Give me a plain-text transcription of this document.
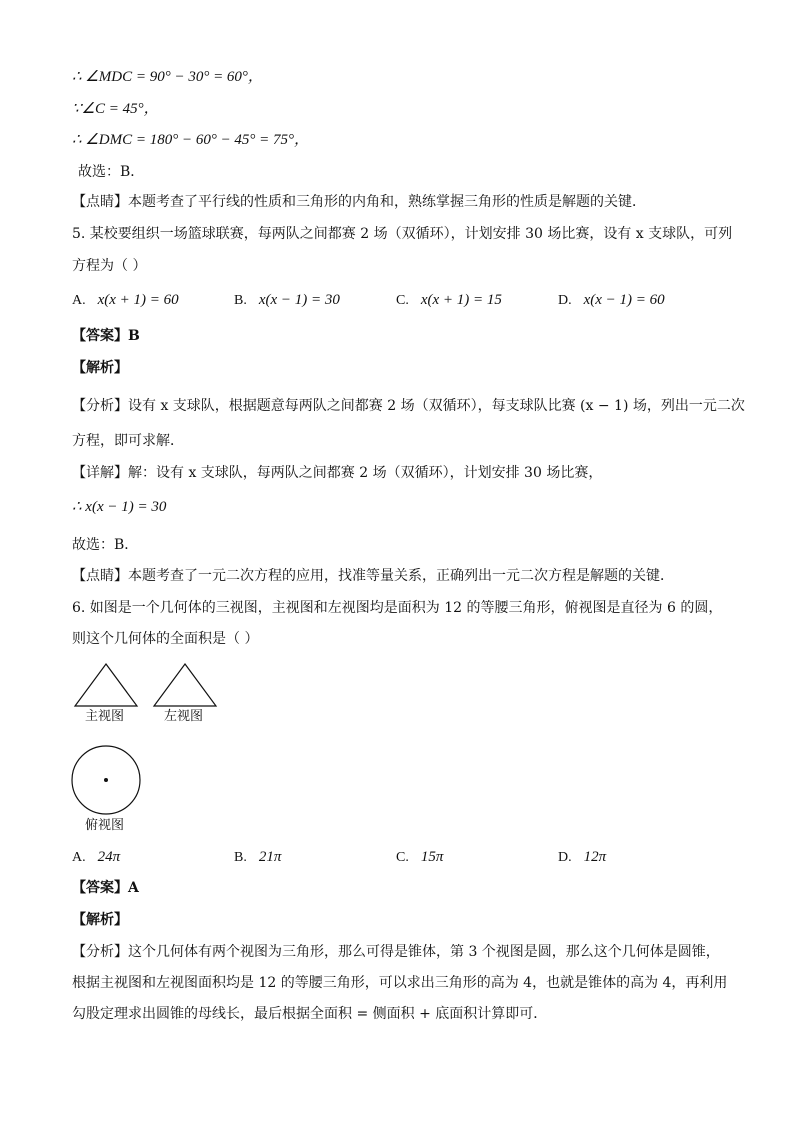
∴ ∠MDC = 90° − 30° = 60°，
∵∠C = 45°，
∴ ∠DMC = 180° − 60° − 45° = 75°，
故选：B．
【点睛】本题考查了平行线的性质和三角形的内角和，熟练掌握三角形的性质是解题的关键．
5. 某校要组织一场篮球联赛，每两队之间都赛 2 场（双循环），计划安排 30 场比赛，设有 x 支球队，可列
方程为（ ）
A. x(x + 1) = 60	B. x(x − 1) = 30	C. x(x + 1) = 15	D. x(x − 1) = 60
【答案】B
【解析】
【分析】设有 x 支球队，根据题意每两队之间都赛 2 场（双循环），每支球队比赛 (x − 1) 场，列出一元二次
方程，即可求解．
【详解】解：设有 x 支球队，每两队之间都赛 2 场（双循环），计划安排 30 场比赛，
∴ x(x − 1) = 30
故选：B．
【点睛】本题考查了一元二次方程的应用，找准等量关系，正确列出一元二次方程是解题的关键．
6. 如图是一个几何体的三视图，主视图和左视图均是面积为 12 的等腰三角形，俯视图是直径为 6 的圆，
则这个几何体的全面积是（ ）
主视图	左视图
俯视图
A. 24π	B. 21π	C. 15π	D. 12π
【答案】A
【解析】
【分析】这个几何体有两个视图为三角形，那么可得是锥体，第 3 个视图是圆，那么这个几何体是圆锥，
根据主视图和左视图面积均是 12 的等腰三角形，可以求出三角形的高为 4，也就是锥体的高为 4，再利用
勾股定理求出圆锥的母线长，最后根据全面积 = 侧面积 + 底面积计算即可．
